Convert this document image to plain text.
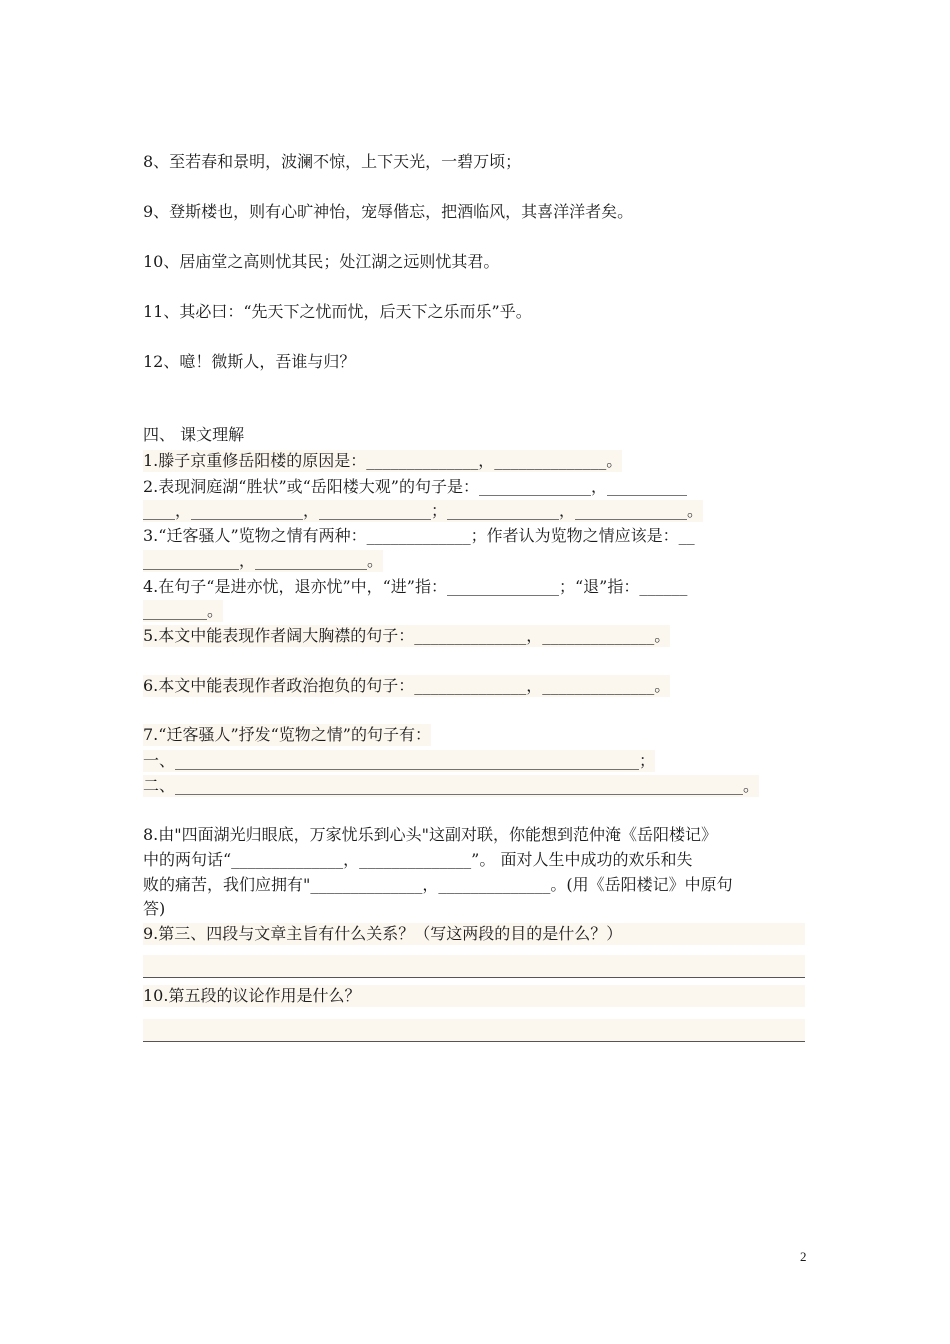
8、至若春和景明，波澜不惊，上下天光，一碧万顷；
9、登斯楼也，则有心旷神怡，宠辱偕忘，把酒临风，其喜洋洋者矣。
10、居庙堂之高则忧其民；处江湖之远则忧其君。
11、其必曰：“先天下之忧而忧，后天下之乐而乐”乎。
12、噫！微斯人，吾谁与归？
四、 课文理解
1.滕子京重修岳阳楼的原因是：______________，______________。
2.表现洞庭湖“胜状”或“岳阳楼大观”的句子是：______________，__________
____，______________，______________；______________，______________。
3.“迁客骚人”览物之情有两种：_____________；作者认为览物之情应该是：__
____________，______________。
4.在句子“是进亦忧，退亦忧”中，“进”指：______________；“退”指：______
________。
5.本文中能表现作者阔大胸襟的句子：______________，______________。
6.本文中能表现作者政治抱负的句子：______________，______________。
7.“迁客骚人”抒发“览物之情”的句子有：
一、__________________________________________________________；
二、_______________________________________________________________________。
8.由"四面湖光归眼底，万家忧乐到心头"这副对联，你能想到范仲淹《岳阳楼记》
中的两句话“______________，______________”。 面对人生中成功的欢乐和失
败的痛苦，我们应拥有"______________，______________。(用《岳阳楼记》中原句
答)
9.第三、四段与文章主旨有什么关系？（写这两段的目的是什么？）
10.第五段的议论作用是什么？
2
